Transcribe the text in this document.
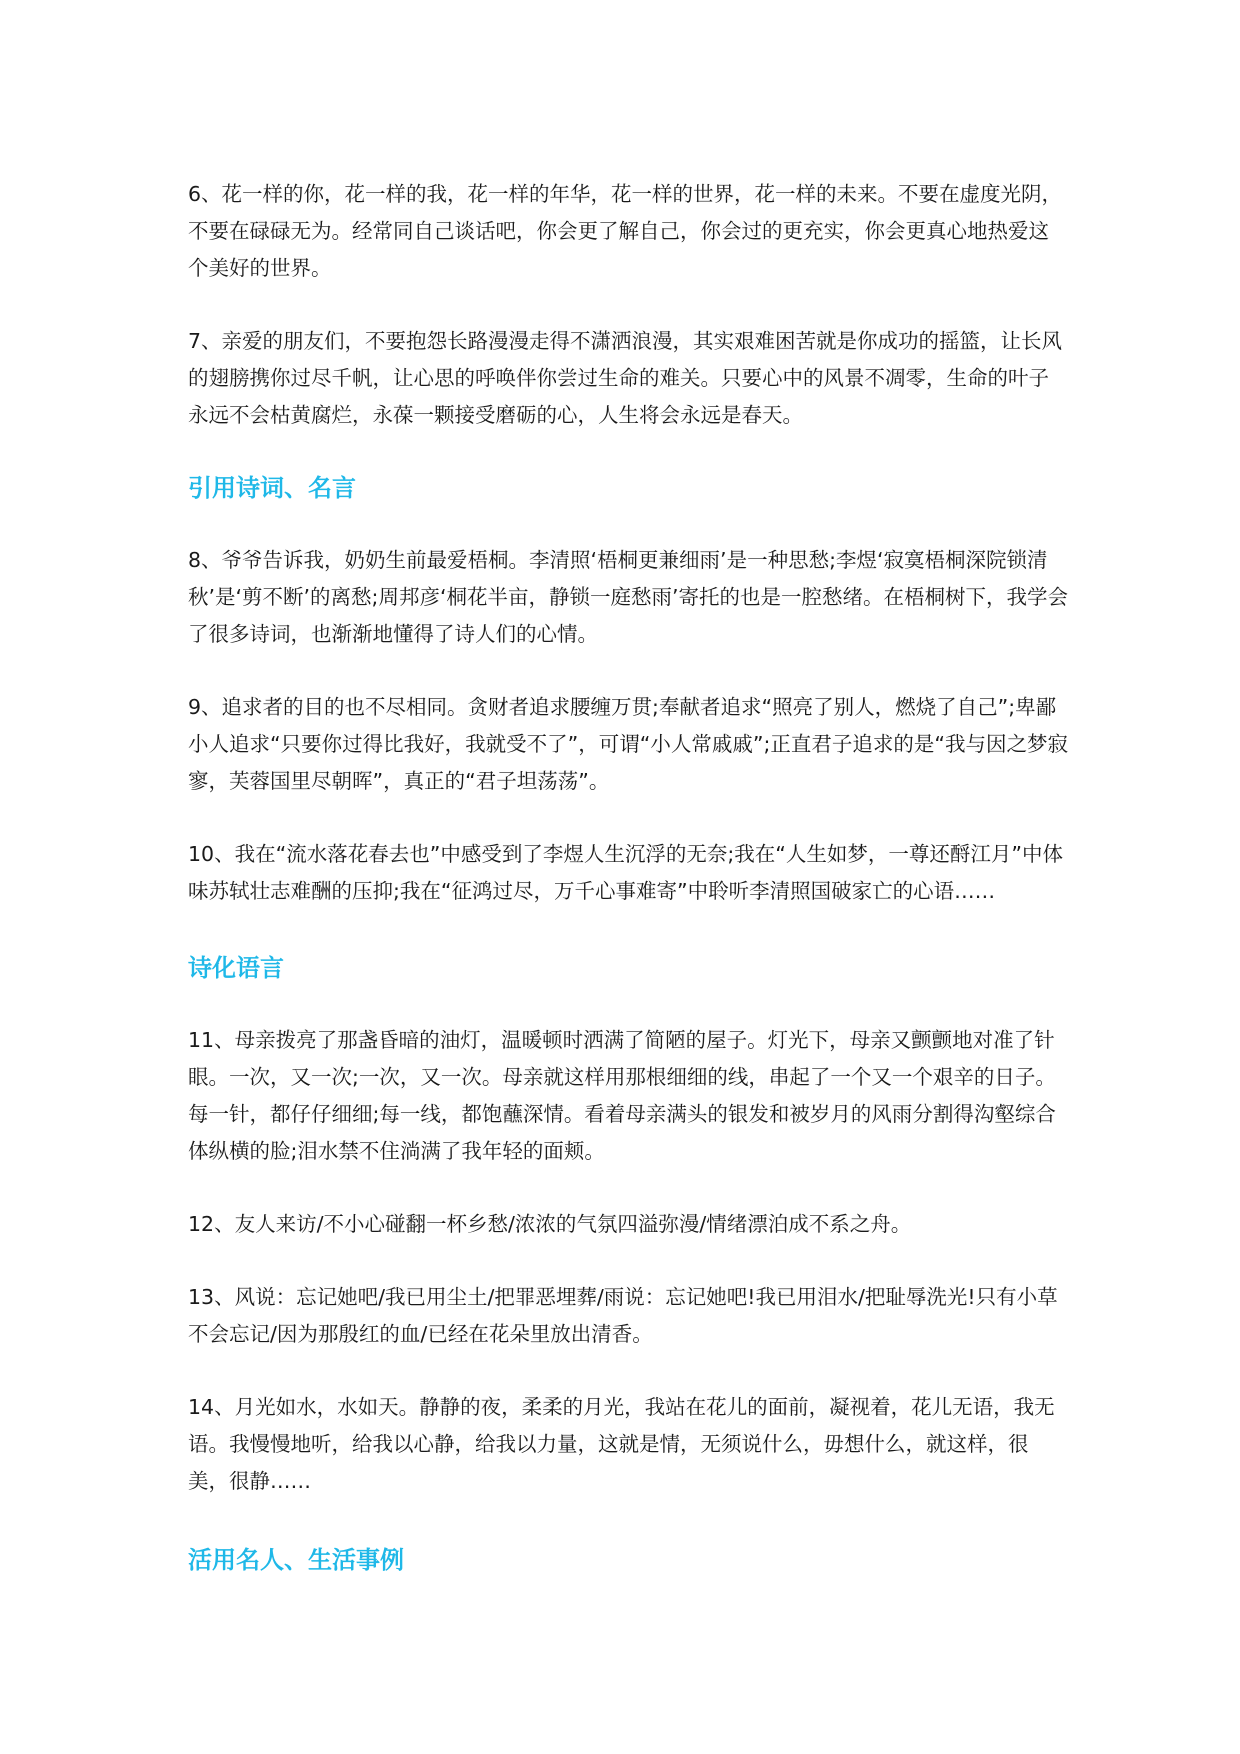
6、花一样的你，花一样的我，花一样的年华，花一样的世界，花一样的未来。不要在虚度光阴，不要在碌碌无为。经常同自己谈话吧，你会更了解自己，你会过的更充实，你会更真心地热爱这个美好的世界。

7、亲爱的朋友们，不要抱怨长路漫漫走得不潇洒浪漫，其实艰难困苦就是你成功的摇篮，让长风的翅膀携你过尽千帆，让心思的呼唤伴你尝过生命的难关。只要心中的风景不凋零，生命的叶子永远不会枯黄腐烂，永葆一颗接受磨砺的心，人生将会永远是春天。

引用诗词、名言

8、爷爷告诉我，奶奶生前最爱梧桐。李清照‘梧桐更兼细雨’是一种思愁;李煜‘寂寞梧桐深院锁清秋’是‘剪不断’的离愁;周邦彦‘桐花半亩，静锁一庭愁雨’寄托的也是一腔愁绪。在梧桐树下，我学会了很多诗词，也渐渐地懂得了诗人们的心情。

9、追求者的目的也不尽相同。贪财者追求腰缠万贯;奉献者追求“照亮了别人，燃烧了自己”;卑鄙小人追求“只要你过得比我好，我就受不了”，可谓“小人常戚戚”;正直君子追求的是“我与因之梦寂寥，芙蓉国里尽朝晖”，真正的“君子坦荡荡”。

10、我在“流水落花春去也”中感受到了李煜人生沉浮的无奈;我在“人生如梦，一尊还酹江月”中体味苏轼壮志难酬的压抑;我在“征鸿过尽，万千心事难寄”中聆听李清照国破家亡的心语……

诗化语言

11、母亲拨亮了那盏昏暗的油灯，温暖顿时洒满了简陋的屋子。灯光下，母亲又颤颤地对准了针眼。一次，又一次;一次，又一次。母亲就这样用那根细细的线，串起了一个又一个艰辛的日子。每一针，都仔仔细细;每一线，都饱蘸深情。看着母亲满头的银发和被岁月的风雨分割得沟壑综合体纵横的脸;泪水禁不住淌满了我年轻的面颊。

12、友人来访/不小心碰翻一杯乡愁/浓浓的气氛四溢弥漫/情绪漂泊成不系之舟。

13、风说：忘记她吧/我已用尘土/把罪恶埋葬/雨说：忘记她吧!我已用泪水/把耻辱洗光!只有小草不会忘记/因为那殷红的血/已经在花朵里放出清香。

14、月光如水，水如天。静静的夜，柔柔的月光，我站在花儿的面前，凝视着，花儿无语，我无语。我慢慢地听，给我以心静，给我以力量，这就是情，无须说什么，毋想什么，就这样，很美，很静……

活用名人、生活事例
